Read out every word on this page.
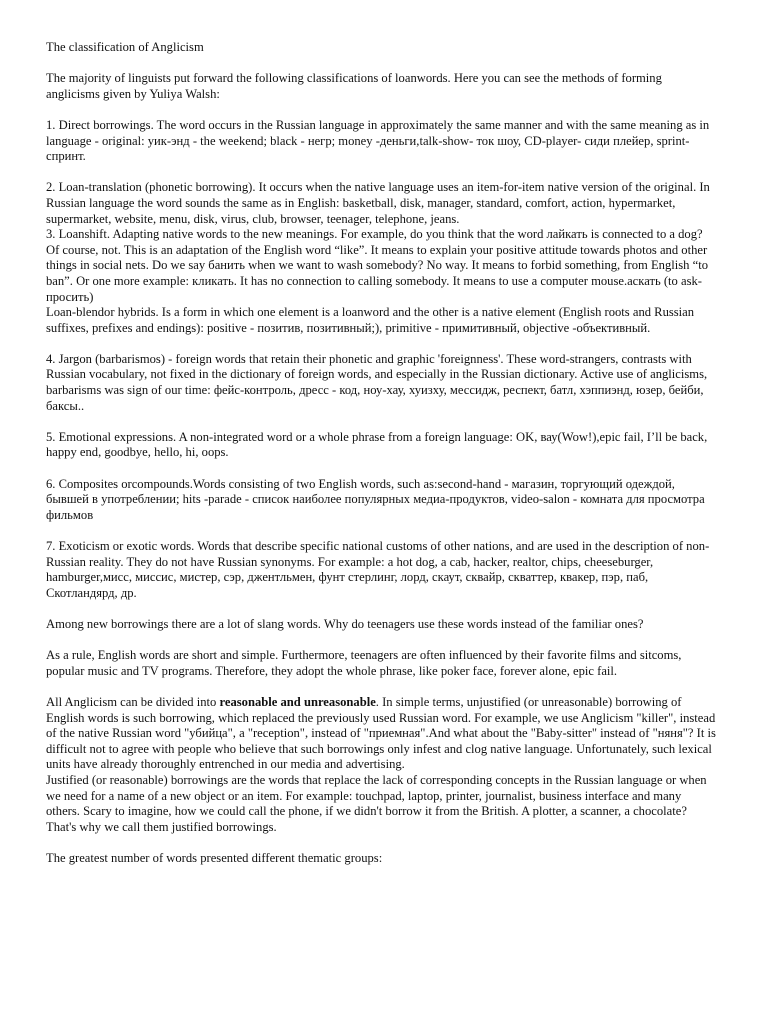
The classification of Anglicism

The majority of linguists put forward the following classifications of loanwords. Here you can see the methods of forming anglicisms given by Yuliya Walsh:

1. Direct borrowings. The word occurs in the Russian language in approximately the same manner and with the same meaning as in language - original: уик-энд - the weekend; black - негр; money -деньги,talk-show- ток шоу, CD-player- сиди плейер, sprint-спринт.

2. Loan-translation (phonetic borrowing). It occurs when the native language uses an item-for-item native version of the original. In Russian language the word sounds the same as in English: basketball, disk, manager, standard, comfort, action, hypermarket, supermarket, website, menu, disk, virus, club, browser, teenager, telephone, jeans.

3. Loanshift. Adapting native words to the new meanings. For example, do you think that the word лайкать is connected to a dog? Of course, not. This is an adaptation of the English word “like”. It means to explain your positive attitude towards photos and other things in social nets. Do we say банить when we want to wash somebody? No way. It means to forbid something, from English “to ban”. Or one more example: кликать. It has no connection to calling somebody. It means to use a computer mouse.аскать (to ask-просить)

Loan-blendor hybrids. Is a form in which one element is a loanword and the other is a native element (English roots and Russian suffixes, prefixes and endings): positive - позитив, позитивный;), primitive - примитивный, objective -объективный.

4. Jargon (barbarismos) - foreign words that retain their phonetic and graphic 'foreignness'. These word-strangers, contrasts with Russian vocabulary, not fixed in the dictionary of foreign words, and especially in the Russian dictionary. Active use of anglicisms, barbarisms was sign of our time: фейс-контроль, дресс - код, ноу-хау, хуизху, мессидж, респект, батл, хэппиэнд, юзер, бейби, баксы..

5. Emotional expressions. A non-integrated word or a whole phrase from a foreign language: OK, вау(Wow!),epic fail, I’ll be back, happy end, goodbye, hello, hi, oops.

6. Composites orcompounds.Words consisting of two English words, such as:second-hand - магазин, торгующий одеждой, бывшей в употреблении; hits -parade - список наиболее популярных медиа-продуктов, video-salon - комната для просмотра фильмов

7. Exoticism or exotic words. Words that describe specific national customs of other nations, and are used in the description of non-Russian reality. They do not have Russian synonyms. For example: a hot dog, a cab, hacker, realtor, chips, cheeseburger, hamburger,мисс, миссис, мистер, сэр, джентльмен, фунт стерлинг, лорд, скаут, сквайр, скваттер, квакер, пэр, паб, Скотландярд, др.

Among new borrowings there are a lot of slang words. Why do teenagers use these words instead of the familiar ones?

As a rule, English words are short and simple. Furthermore, teenagers are often influenced by their favorite films and sitcoms, popular music and TV programs. Therefore, they adopt the whole phrase, like poker face, forever alone, epic fail.

All Anglicism can be divided into reasonable and unreasonable. In simple terms, unjustified (or unreasonable) borrowing of English words is such borrowing, which replaced the previously used Russian word. For example, we use Anglicism "killer", instead of the native Russian word "убийца", a "reception", instead of "приемная".And what about the "Baby-sitter" instead of "няня"? It is difficult not to agree with people who believe that such borrowings only infest and clog native language. Unfortunately, such lexical units have already thoroughly entrenched in our media and advertising.

Justified (or reasonable) borrowings are the words that replace the lack of corresponding concepts in the Russian language or when we need for a name of a new object or an item. For example: touchpad, laptop, printer, journalist, business interface and many others. Scary to imagine, how we could call the phone, if we didn't borrow it from the British. A plotter, a scanner, a chocolate? That's why we call them justified borrowings.

The greatest number of words presented different thematic groups:
